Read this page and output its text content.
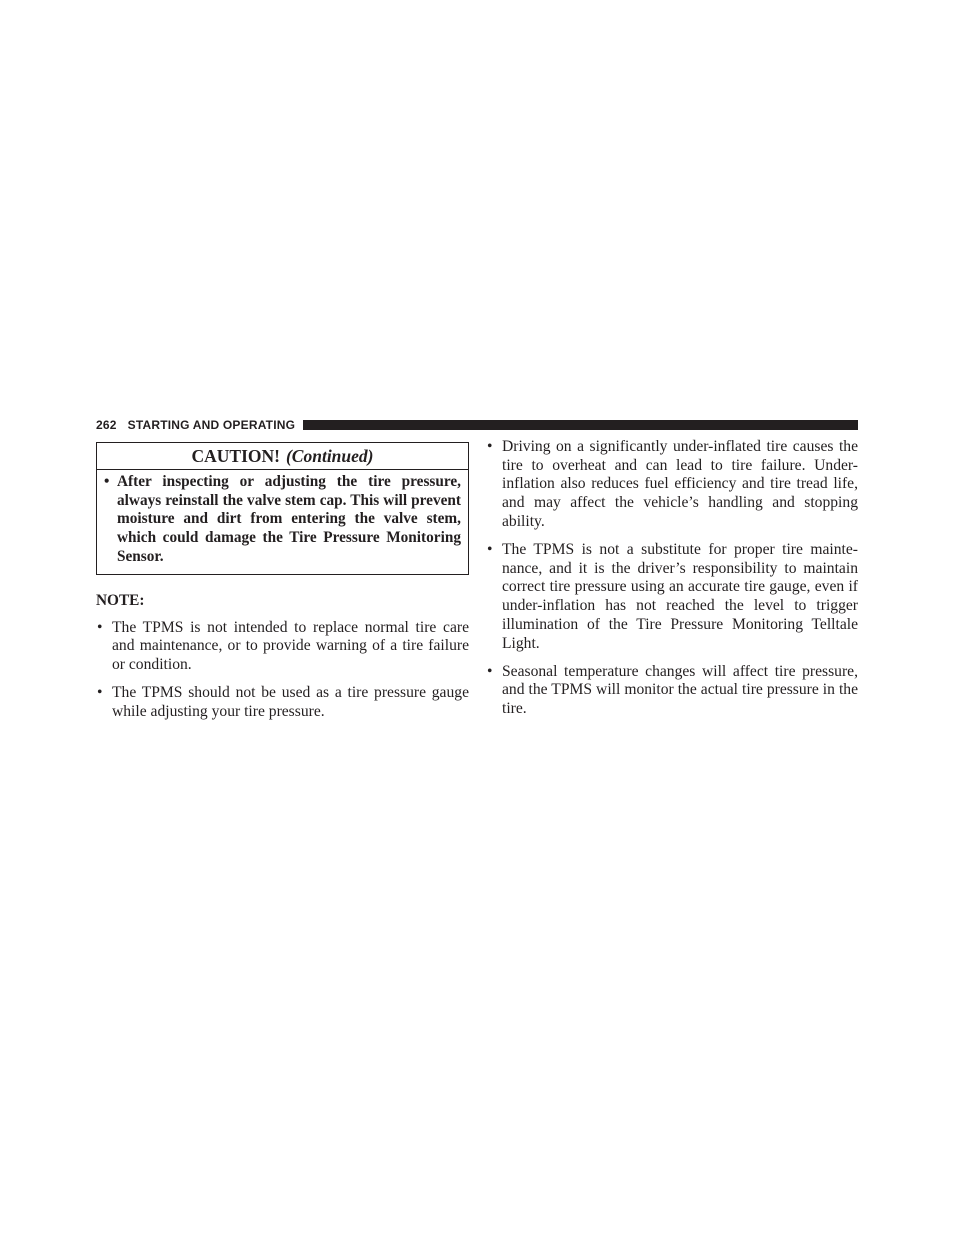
262 STARTING AND OPERATING
CAUTION! (Continued)
• After inspecting or adjusting the tire pressure, always reinstall the valve stem cap. This will prevent moisture and dirt from entering the valve stem, which could damage the Tire Pressure Monitoring Sensor.
NOTE:
• The TPMS is not intended to replace normal tire care and maintenance, or to provide warning of a tire failure or condition.
• The TPMS should not be used as a tire pressure gauge while adjusting your tire pressure.
• Driving on a significantly under-inflated tire causes the tire to overheat and can lead to tire failure. Under-inflation also reduces fuel efficiency and tire tread life, and may affect the vehicle’s handling and stopping ability.
• The TPMS is not a substitute for proper tire maintenance, and it is the driver’s responsibility to maintain correct tire pressure using an accurate tire gauge, even if under-inflation has not reached the level to trigger illumination of the Tire Pressure Monitoring Telltale Light.
• Seasonal temperature changes will affect tire pressure, and the TPMS will monitor the actual tire pressure in the tire.
